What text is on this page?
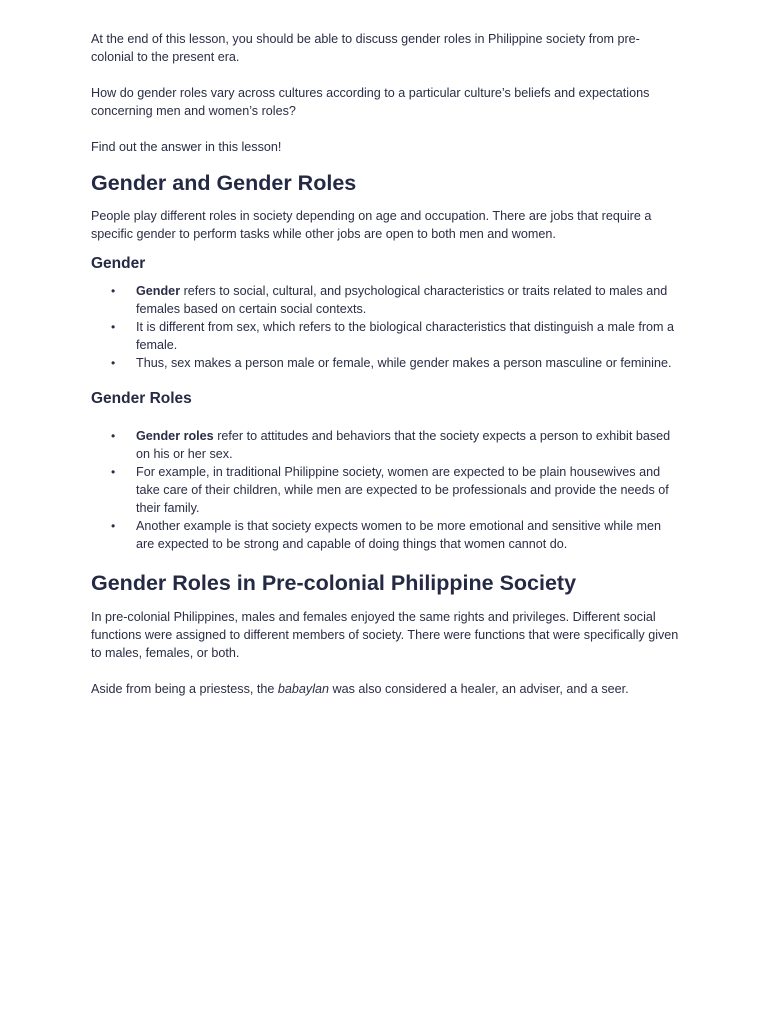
At the end of this lesson, you should be able to discuss gender roles in Philippine society from pre-colonial to the present era.

How do gender roles vary across cultures according to a particular culture’s beliefs and expectations concerning men and women’s roles?

Find out the answer in this lesson!

Gender and Gender Roles

People play different roles in society depending on age and occupation. There are jobs that require a specific gender to perform tasks while other jobs are open to both men and women.

Gender
• Gender refers to social, cultural, and psychological characteristics or traits related to males and females based on certain social contexts.
• It is different from sex, which refers to the biological characteristics that distinguish a male from a female.
• Thus, sex makes a person male or female, while gender makes a person masculine or feminine.
Gender Roles
• Gender roles refer to attitudes and behaviors that the society expects a person to exhibit based on his or her sex.
• For example, in traditional Philippine society, women are expected to be plain housewives and take care of their children, while men are expected to be professionals and provide the needs of their family.
• Another example is that society expects women to be more emotional and sensitive while men are expected to be strong and capable of doing things that women cannot do.
Gender Roles in Pre-colonial Philippine Society

In pre-colonial Philippines, males and females enjoyed the same rights and privileges. Different social functions were assigned to different members of society. There were functions that were specifically given to males, females, or both.

Aside from being a priestess, the babaylan was also considered a healer, an adviser, and a seer.
